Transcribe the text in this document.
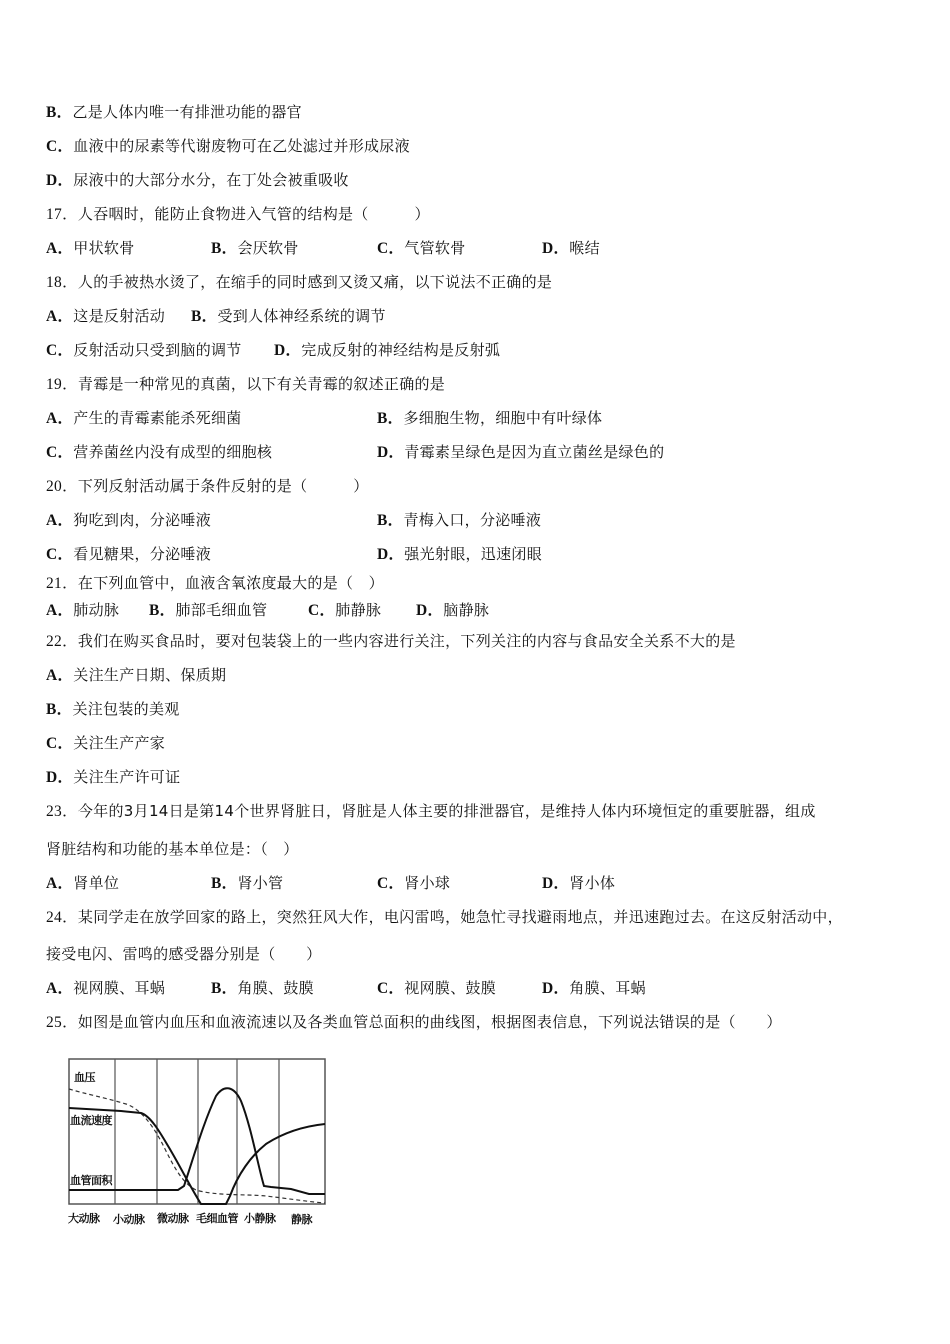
B．乙是人体内唯一有排泄功能的器官
C．血液中的尿素等代谢废物可在乙处滤过并形成尿液
D．尿液中的大部分水分，在丁处会被重吸收
17．人吞咽时，能防止食物进入气管的结构是（　　　）
A．甲状软骨	B．会厌软骨	C．气管软骨	D．喉结
18．人的手被热水烫了，在缩手的同时感到又烫又痛，以下说法不正确的是
A．这是反射活动 B．受到人体神经系统的调节
C．反射活动只受到脑的调节 D．完成反射的神经结构是反射弧
19．青霉是一种常见的真菌，以下有关青霉的叙述正确的是
A．产生的青霉素能杀死细菌	B．多细胞生物，细胞中有叶绿体
C．营养菌丝内没有成型的细胞核	D．青霉素呈绿色是因为直立菌丝是绿色的
20．下列反射活动属于条件反射的是（　　　）
A．狗吃到肉，分泌唾液	B．青梅入口，分泌唾液
C．看见糖果，分泌唾液	D．强光射眼，迅速闭眼
21．在下列血管中，血液含氧浓度最大的是（　）
A．肺动脉 B．肺部毛细血管	C．肺静脉 D．脑静脉
22．我们在购买食品时，要对包装袋上的一些内容进行关注，下列关注的内容与食品安全关系不大的是
A．关注生产日期、保质期
B．关注包装的美观
C．关注生产产家
D．关注生产许可证
23．今年的3月14日是第14个世界肾脏日，肾脏是人体主要的排泄器官，是维持人体内环境恒定的重要脏器，组成
肾脏结构和功能的基本单位是：（　）
A．肾单位	B．肾小管	C．肾小球	D．肾小体
24．某同学走在放学回家的路上，突然狂风大作，电闪雷鸣，她急忙寻找避雨地点，并迅速跑过去。在这反射活动中，
接受电闪、雷鸣的感受器分别是（　　）
A．视网膜、耳蜗	B．角膜、鼓膜	C．视网膜、鼓膜	D．角膜、耳蜗
25．如图是血管内血压和血液流速以及各类血管总面积的曲线图，根据图表信息，下列说法错误的是（　　）
血压
血流速度
血管面积
大动脉 小动脉 微动脉 毛细血管 小静脉 静脉
